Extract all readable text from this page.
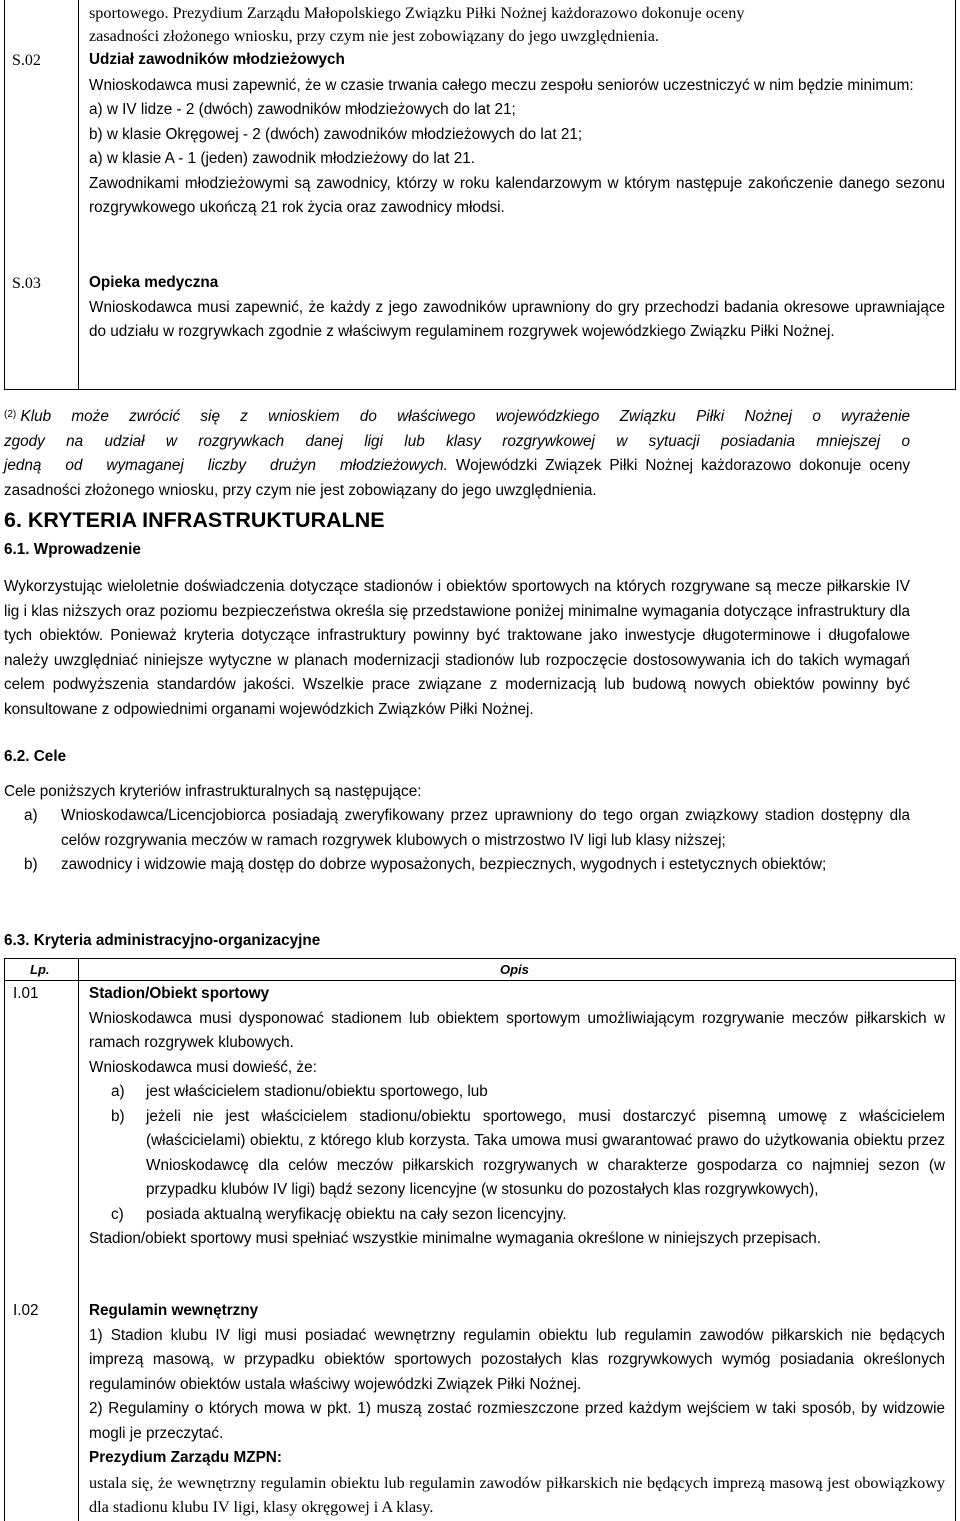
sportowego. Prezydium Zarządu Małopolskiego Związku Piłki Nożnej każdorazowo dokonuje oceny
zasadności złożonego wniosku, przy czym nie jest zobowiązany do jego uwzględnienia.
S.02	Udział zawodników młodzieżowych
Wnioskodawca musi zapewnić, że w czasie trwania całego meczu zespołu seniorów uczestniczyć w nim będzie minimum:
a) w IV lidze - 2 (dwóch) zawodników młodzieżowych do lat 21;
b) w klasie Okręgowej - 2 (dwóch) zawodników młodzieżowych do lat 21;
a) w klasie A - 1 (jeden) zawodnik młodzieżowy do lat 21.
Zawodnikami młodzieżowymi są zawodnicy, którzy w roku kalendarzowym w którym następuje zakończenie danego sezonu rozgrywkowego ukończą 21 rok życia oraz zawodnicy młodsi.
S.03	Opieka medyczna
Wnioskodawca musi zapewnić, że każdy z jego zawodników uprawniony do gry przechodzi badania okresowe uprawniające do udziału w rozgrywkach zgodnie z właściwym regulaminem rozgrywek wojewódzkiego Związku Piłki Nożnej.
$^{(2)}$ Klub może zwrócić się z wnioskiem do właściwego wojewódzkiego Związku Piłki Nożnej o wyrażenie zgody na udział w rozgrywkach danej ligi lub klasy rozgrywkowej w sytuacji posiadania mniejszej o jedną od wymaganej liczby drużyn młodzieżowych. Wojewódzki Związek Piłki Nożnej każdorazowo dokonuje oceny zasadności złożonego wniosku, przy czym nie jest zobowiązany do jego uwzględnienia.
6. KRYTERIA INFRASTRUKTURALNE
6.1. Wprowadzenie
Wykorzystując wieloletnie doświadczenia dotyczące stadionów i obiektów sportowych na których rozgrywane są mecze piłkarskie IV lig i klas niższych oraz poziomu bezpieczeństwa określa się przedstawione poniżej minimalne wymagania dotyczące infrastruktury dla tych obiektów. Ponieważ kryteria dotyczące infrastruktury powinny być traktowane jako inwestycje długoterminowe i długofalowe należy uwzględniać niniejsze wytyczne w planach modernizacji stadionów lub rozpoczęcie dostosowywania ich do takich wymagań celem podwyższenia standardów jakości. Wszelkie prace związane z modernizacją lub budową nowych obiektów powinny być konsultowane z odpowiednimi organami wojewódzkich Związków Piłki Nożnej.
6.2. Cele
Cele poniższych kryteriów infrastrukturalnych są następujące:
a) Wnioskodawca/Licencjobiorca posiadają zweryfikowany przez uprawniony do tego organ związkowy stadion dostępny dla celów rozgrywania meczów w ramach rozgrywek klubowych o mistrzostwo IV ligi lub klasy niższej;
b) zawodnicy i widzowie mają dostęp do dobrze wyposażonych, bezpiecznych, wygodnych i estetycznych obiektów;
6.3. Kryteria administracyjno-organizacyjne
Lp.	Opis
I.01	Stadion/Obiekt sportowy
Wnioskodawca musi dysponować stadionem lub obiektem sportowym umożliwiającym rozgrywanie meczów piłkarskich w ramach rozgrywek klubowych.
Wnioskodawca musi dowieść, że:
a) jest właścicielem stadionu/obiektu sportowego, lub
b) jeżeli nie jest właścicielem stadionu/obiektu sportowego, musi dostarczyć pisemną umowę z właścicielem (właścicielami) obiektu, z którego klub korzysta. Taka umowa musi gwarantować prawo do użytkowania obiektu przez Wnioskodawcę dla celów meczów piłkarskich rozgrywanych w charakterze gospodarza co najmniej sezon (w przypadku klubów IV ligi) bądź sezony licencyjne (w stosunku do pozostałych klas rozgrywkowych),
c) posiada aktualną weryfikację obiektu na cały sezon licencyjny.
Stadion/obiekt sportowy musi spełniać wszystkie minimalne wymagania określone w niniejszych przepisach.
I.02	Regulamin wewnętrzny
1) Stadion klubu IV ligi musi posiadać wewnętrzny regulamin obiektu lub regulamin zawodów piłkarskich nie będących imprezą masową, w przypadku obiektów sportowych pozostałych klas rozgrywkowych wymóg posiadania określonych regulaminów obiektów ustala właściwy wojewódzki Związek Piłki Nożnej.
2) Regulaminy o których mowa w pkt. 1) muszą zostać rozmieszczone przed każdym wejściem w taki sposób, by widzowie mogli je przeczytać.
Prezydium Zarządu MZPN:
ustala się, że wewnętrzny regulamin obiektu lub regulamin zawodów piłkarskich nie będących imprezą masową jest obowiązkowy dla stadionu klubu IV ligi, klasy okręgowej i A klasy.
